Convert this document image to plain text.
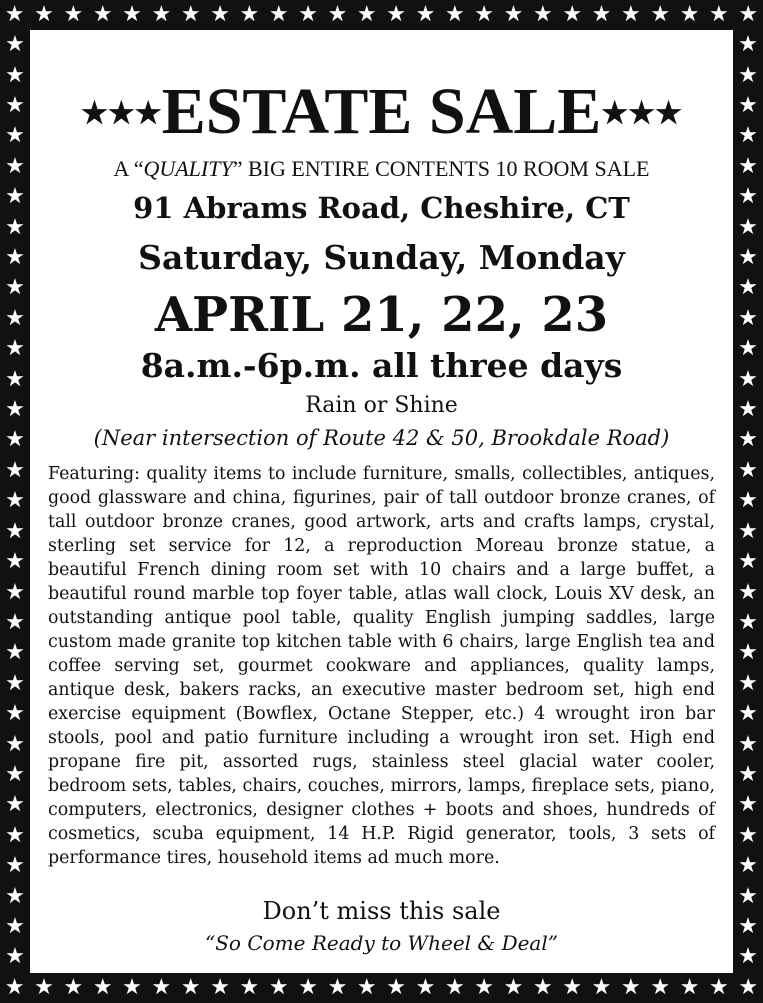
★ ★ ★ ★ ★ ★ ★ ★ ★ ★ ★ ★ ★ ★ ★ ★ ★ ★ ★ ★ ★ ★ ★ ★ ★ ★
★ ★ ★ ★ ★ ★ ★ ★ ★ ★ ★ ★ ★ ★ ★ ★ ★ ★ ★ ★ ★ ★ ★ ★ ★ ★
★
★
★
★
★
★
★
★
★
★
★
★
★
★
★
★
★
★
★
★
★
★
★
★
★
★
★
★
★
★
★
★
★
★
★
★
★
★
★
★
★
★
★
★
★
★
★
★
★
★
★
★
★
★
★
★
★
★
★
★
★
★
★★★ESTATE SALE★★★
A “QUALITY” BIG ENTIRE CONTENTS 10 ROOM SALE
91 Abrams Road, Cheshire, CT
Saturday, Sunday, Monday
APRIL 21, 22, 23
8a.m.-6p.m. all three days
Rain or Shine
(Near intersection of Route 42 & 50, Brookdale Road)
Featuring: quality items to include furniture, smalls, collectibles, antiques, good glassware and china, figurines, pair of tall outdoor bronze cranes, of tall outdoor bronze cranes, good artwork, arts and crafts lamps, crystal, sterling set service for 12, a reproduction Moreau bronze statue, a beautiful French dining room set with 10 chairs and a large buffet, a beautiful round marble top foyer table, atlas wall clock, Louis XV desk, an outstanding antique pool table, quality English jumping saddles, large custom made granite top kitchen table with 6 chairs, large English tea and coffee serving set, gourmet cookware and appliances, quality lamps, antique desk, bakers racks, an executive master bedroom set, high end exercise equipment (Bowflex, Octane Stepper, etc.) 4 wrought iron bar stools, pool and patio furniture including a wrought iron set. High end propane fire pit, assorted rugs, stainless steel glacial water cooler, bedroom sets, tables, chairs, couches, mirrors, lamps, fireplace sets, piano, computers, electronics, designer clothes + boots and shoes, hundreds of cosmetics, scuba equipment, 14 H.P. Rigid generator, tools, 3 sets of performance tires, household items ad much more.
Don’t miss this sale
“So Come Ready to Wheel & Deal”
